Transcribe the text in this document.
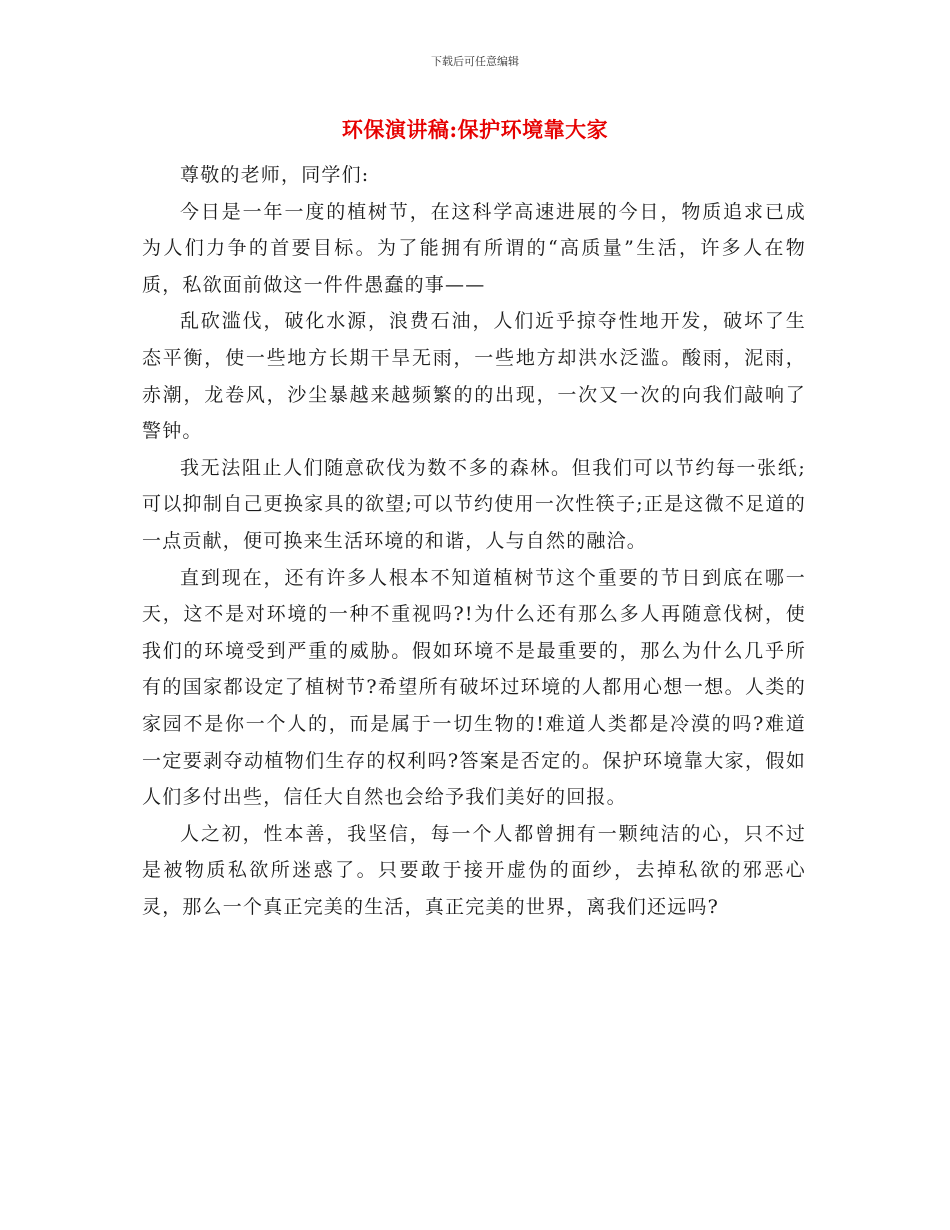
下载后可任意编辑
环保演讲稿:保护环境靠大家

尊敬的老师，同学们:

今日是一年一度的植树节，在这科学高速进展的今日，物质追求已成为人们力争的首要目标。为了能拥有所谓的“高质量”生活，许多人在物质，私欲面前做这一件件愚蠢的事——

乱砍滥伐，破化水源，浪费石油，人们近乎掠夺性地开发，破坏了生态平衡，使一些地方长期干旱无雨，一些地方却洪水泛滥。酸雨，泥雨，赤潮，龙卷风，沙尘暴越来越频繁的的出现，一次又一次的向我们敲响了警钟。

我无法阻止人们随意砍伐为数不多的森林。但我们可以节约每一张纸;可以抑制自己更换家具的欲望;可以节约使用一次性筷子;正是这微不足道的一点贡献，便可换来生活环境的和谐，人与自然的融洽。

直到现在，还有许多人根本不知道植树节这个重要的节日到底在哪一天，这不是对环境的一种不重视吗?!为什么还有那么多人再随意伐树，使我们的环境受到严重的威胁。假如环境不是最重要的，那么为什么几乎所有的国家都设定了植树节?希望所有破坏过环境的人都用心想一想。人类的家园不是你一个人的，而是属于一切生物的!难道人类都是冷漠的吗?难道一定要剥夺动植物们生存的权利吗?答案是否定的。保护环境靠大家，假如人们多付出些，信任大自然也会给予我们美好的回报。

人之初，性本善，我坚信，每一个人都曾拥有一颗纯洁的心，只不过是被物质私欲所迷惑了。只要敢于接开虚伪的面纱，去掉私欲的邪恶心灵，那么一个真正完美的生活，真正完美的世界，离我们还远吗?
